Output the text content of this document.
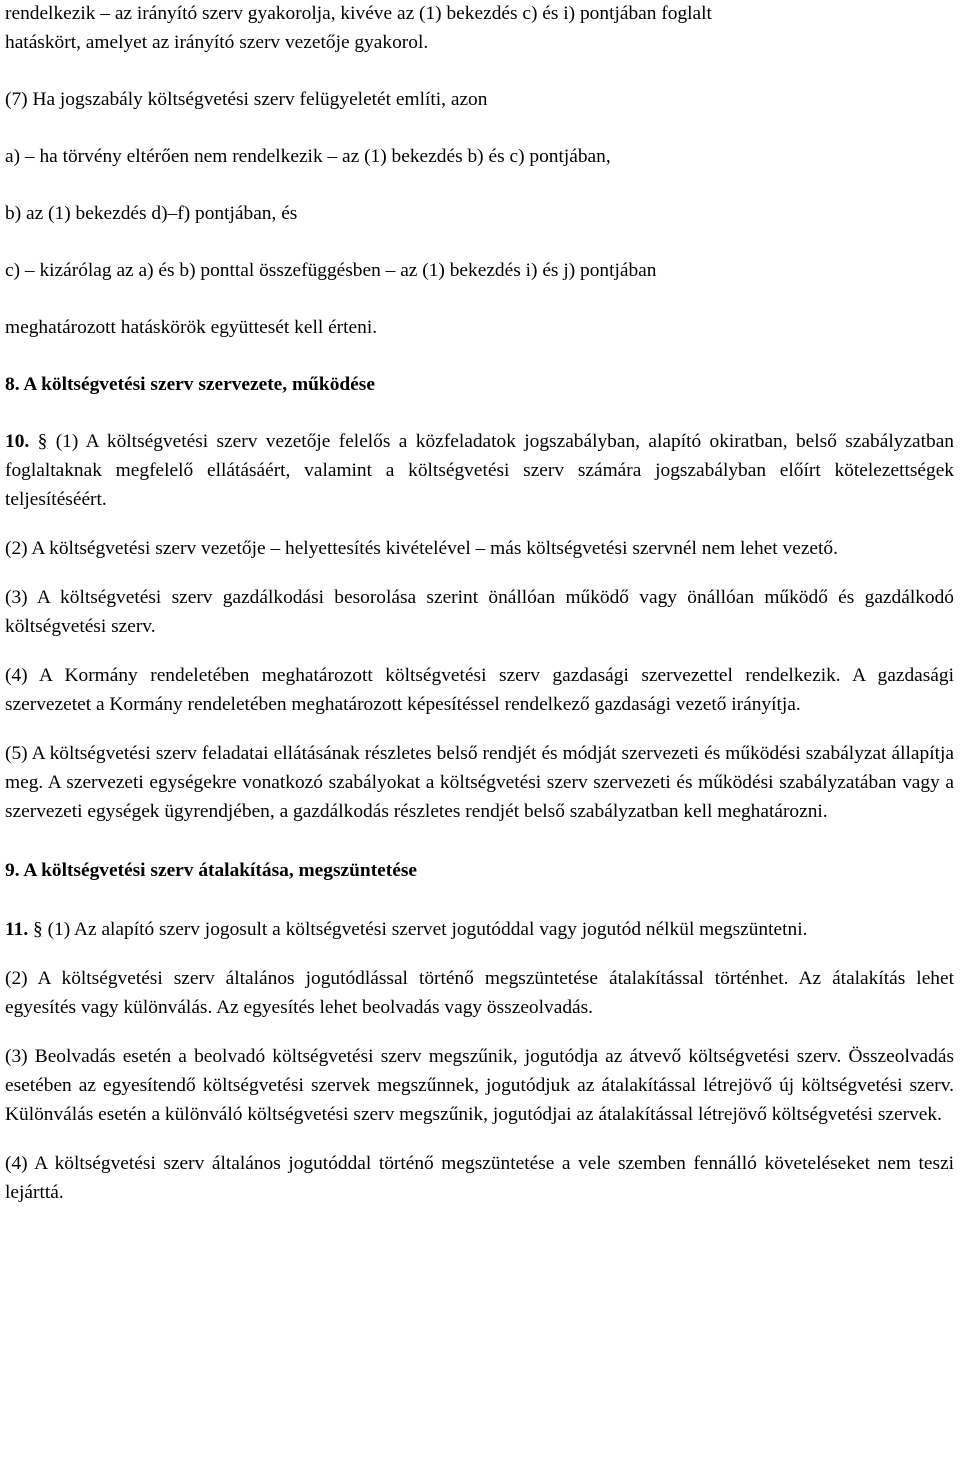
rendelkezik ‒ az irányító szerv gyakorolja, kivéve az (1) bekezdés c) és i) pontjában foglalt

hatáskört, amelyet az irányító szerv vezetője gyakorol.

(7) Ha jogszabály költségvetési szerv felügyeletét említi, azon

a) ‒ ha törvény eltérően nem rendelkezik ‒ az (1) bekezdés b) és c) pontjában,

b) az (1) bekezdés d)‒f) pontjában, és

c) ‒ kizárólag az a) és b) ponttal összefüggésben ‒ az (1) bekezdés i) és j) pontjában

meghatározott hatáskörök együttesét kell érteni.

8. A költségvetési szerv szervezete, működése

10. § (1) A költségvetési szerv vezetője felelős a közfeladatok jogszabályban, alapító okiratban, belső szabályzatban foglaltaknak megfelelő ellátásáért, valamint a költségvetési szerv számára jogszabályban előírt kötelezettségek teljesítéséért.

(2) A költségvetési szerv vezetője ‒ helyettesítés kivételével ‒ más költségvetési szervnél nem lehet vezető.

(3) A költségvetési szerv gazdálkodási besorolása szerint önállóan működő vagy önállóan működő és gazdálkodó költségvetési szerv.

(4) A Kormány rendeletében meghatározott költségvetési szerv gazdasági szervezettel rendelkezik. A gazdasági szervezetet a Kormány rendeletében meghatározott képesítéssel rendelkező gazdasági vezető irányítja.

(5) A költségvetési szerv feladatai ellátásának részletes belső rendjét és módját szervezeti és működési szabályzat állapítja meg. A szervezeti egységekre vonatkozó szabályokat a költségvetési szerv szervezeti és működési szabályzatában vagy a szervezeti egységek ügyrendjében, a gazdálkodás részletes rendjét belső szabályzatban kell meghatározni.

9. A költségvetési szerv átalakítása, megszüntetése

11. § (1) Az alapító szerv jogosult a költségvetési szervet jogutóddal vagy jogutód nélkül megszüntetni.

(2) A költségvetési szerv általános jogutódlással történő megszüntetése átalakítással történhet. Az átalakítás lehet egyesítés vagy különválás. Az egyesítés lehet beolvadás vagy összeolvadás.

(3) Beolvadás esetén a beolvadó költségvetési szerv megszűnik, jogutódja az átvevő költségvetési szerv. Összeolvadás esetében az egyesítendő költségvetési szervek megszűnnek, jogutódjuk az átalakítással létrejövő új költségvetési szerv. Különválás esetén a különváló költségvetési szerv megszűnik, jogutódjai az átalakítással létrejövő költségvetési szervek.

(4) A költségvetési szerv általános jogutóddal történő megszüntetése a vele szemben fennálló követeléseket nem teszi lejárttá.
